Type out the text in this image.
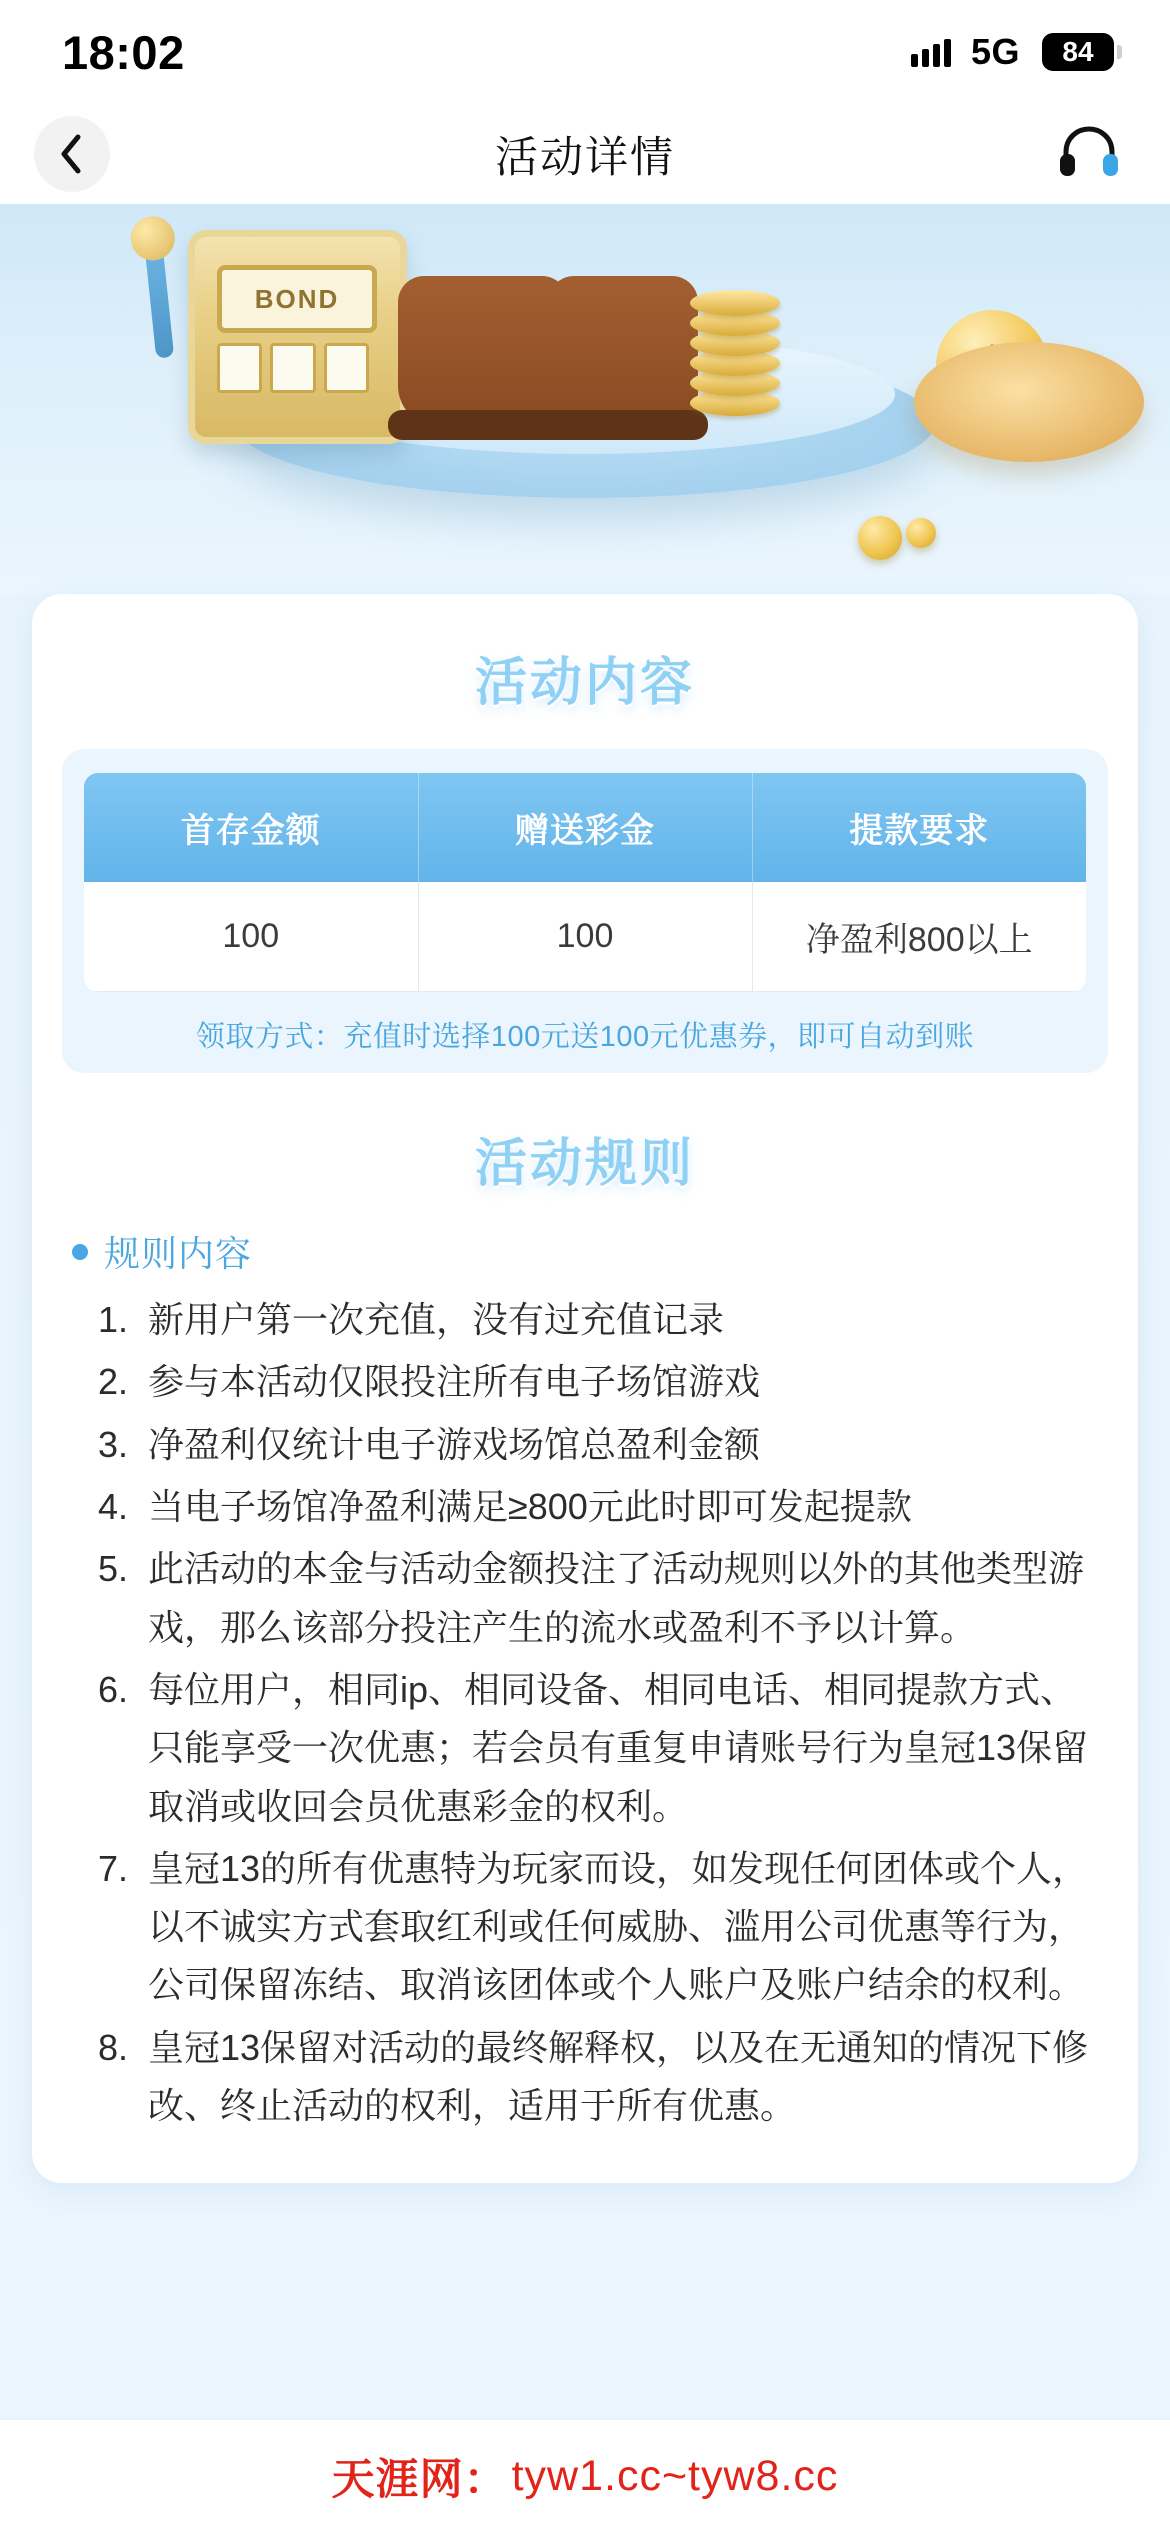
18:02	5G 84
活动详情
BOND
活动内容
首存金额	赠送彩金	提款要求
100	100	净盈利800以上
领取方式：充值时选择100元送100元优惠券，即可自动到账
活动规则
规则内容
1. 新用户第一次充值，没有过充值记录
2. 参与本活动仅限投注所有电子场馆游戏
3. 净盈利仅统计电子游戏场馆总盈利金额
4. 当电子场馆净盈利满足≥800元此时即可发起提款
5. 此活动的本金与活动金额投注了活动规则以外的其他类型游戏，那么该部分投注产生的流水或盈利不予以计算。
6. 每位用户，相同ip、相同设备、相同电话、相同提款方式、只能享受一次优惠；若会员有重复申请账号行为皇冠13保留取消或收回会员优惠彩金的权利。
7. 皇冠13的所有优惠特为玩家而设，如发现任何团体或个人，以不诚实方式套取红利或任何威胁、滥用公司优惠等行为，公司保留冻结、取消该团体或个人账户及账户结余的权利。
8. 皇冠13保留对活动的最终解释权，以及在无通知的情况下修改、终止活动的权利，适用于所有优惠。
天涯网： tyw1.cc~tyw8.cc
